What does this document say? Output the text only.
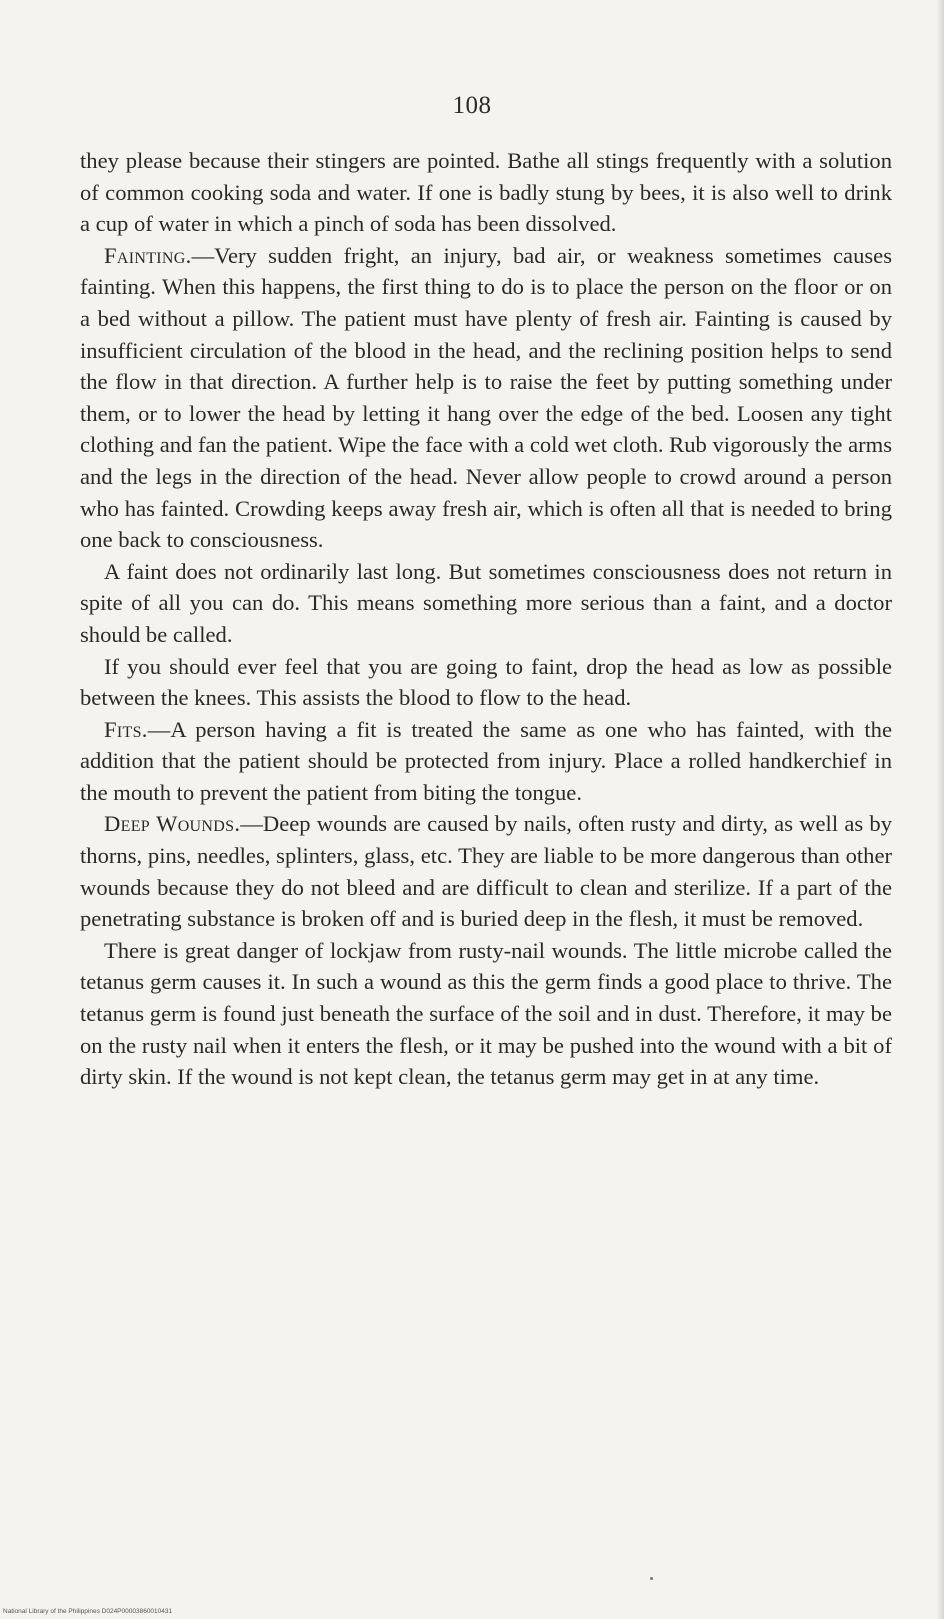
108

they please because their stingers are pointed. Bathe all stings frequently with a solution of common cooking soda and water. If one is badly stung by bees, it is also well to drink a cup of water in which a pinch of soda has been dissolved.

Fainting.—Very sudden fright, an injury, bad air, or weakness sometimes causes fainting. When this happens, the first thing to do is to place the person on the floor or on a bed without a pillow. The patient must have plenty of fresh air. Fainting is caused by insufficient circulation of the blood in the head, and the reclining position helps to send the flow in that direction. A further help is to raise the feet by putting something under them, or to lower the head by letting it hang over the edge of the bed. Loosen any tight clothing and fan the patient. Wipe the face with a cold wet cloth. Rub vigorously the arms and the legs in the direction of the head. Never allow people to crowd around a person who has fainted. Crowding keeps away fresh air, which is often all that is needed to bring one back to consciousness.

A faint does not ordinarily last long. But sometimes consciousness does not return in spite of all you can do. This means something more serious than a faint, and a doctor should be called.

If you should ever feel that you are going to faint, drop the head as low as possible between the knees. This assists the blood to flow to the head.

Fits.—A person having a fit is treated the same as one who has fainted, with the addition that the patient should be protected from injury. Place a rolled handkerchief in the mouth to prevent the patient from biting the tongue.

Deep Wounds.—Deep wounds are caused by nails, often rusty and dirty, as well as by thorns, pins, needles, splinters, glass, etc. They are liable to be more dangerous than other wounds because they do not bleed and are difficult to clean and sterilize. If a part of the penetrating substance is broken off and is buried deep in the flesh, it must be removed.

There is great danger of lockjaw from rusty-nail wounds. The little microbe called the tetanus germ causes it. In such a wound as this the germ finds a good place to thrive. The tetanus germ is found just beneath the surface of the soil and in dust. Therefore, it may be on the rusty nail when it enters the flesh, or it may be pushed into the wound with a bit of dirty skin. If the wound is not kept clean, the tetanus germ may get in at any time.

National Library of the Philippines D024P00003860010431
